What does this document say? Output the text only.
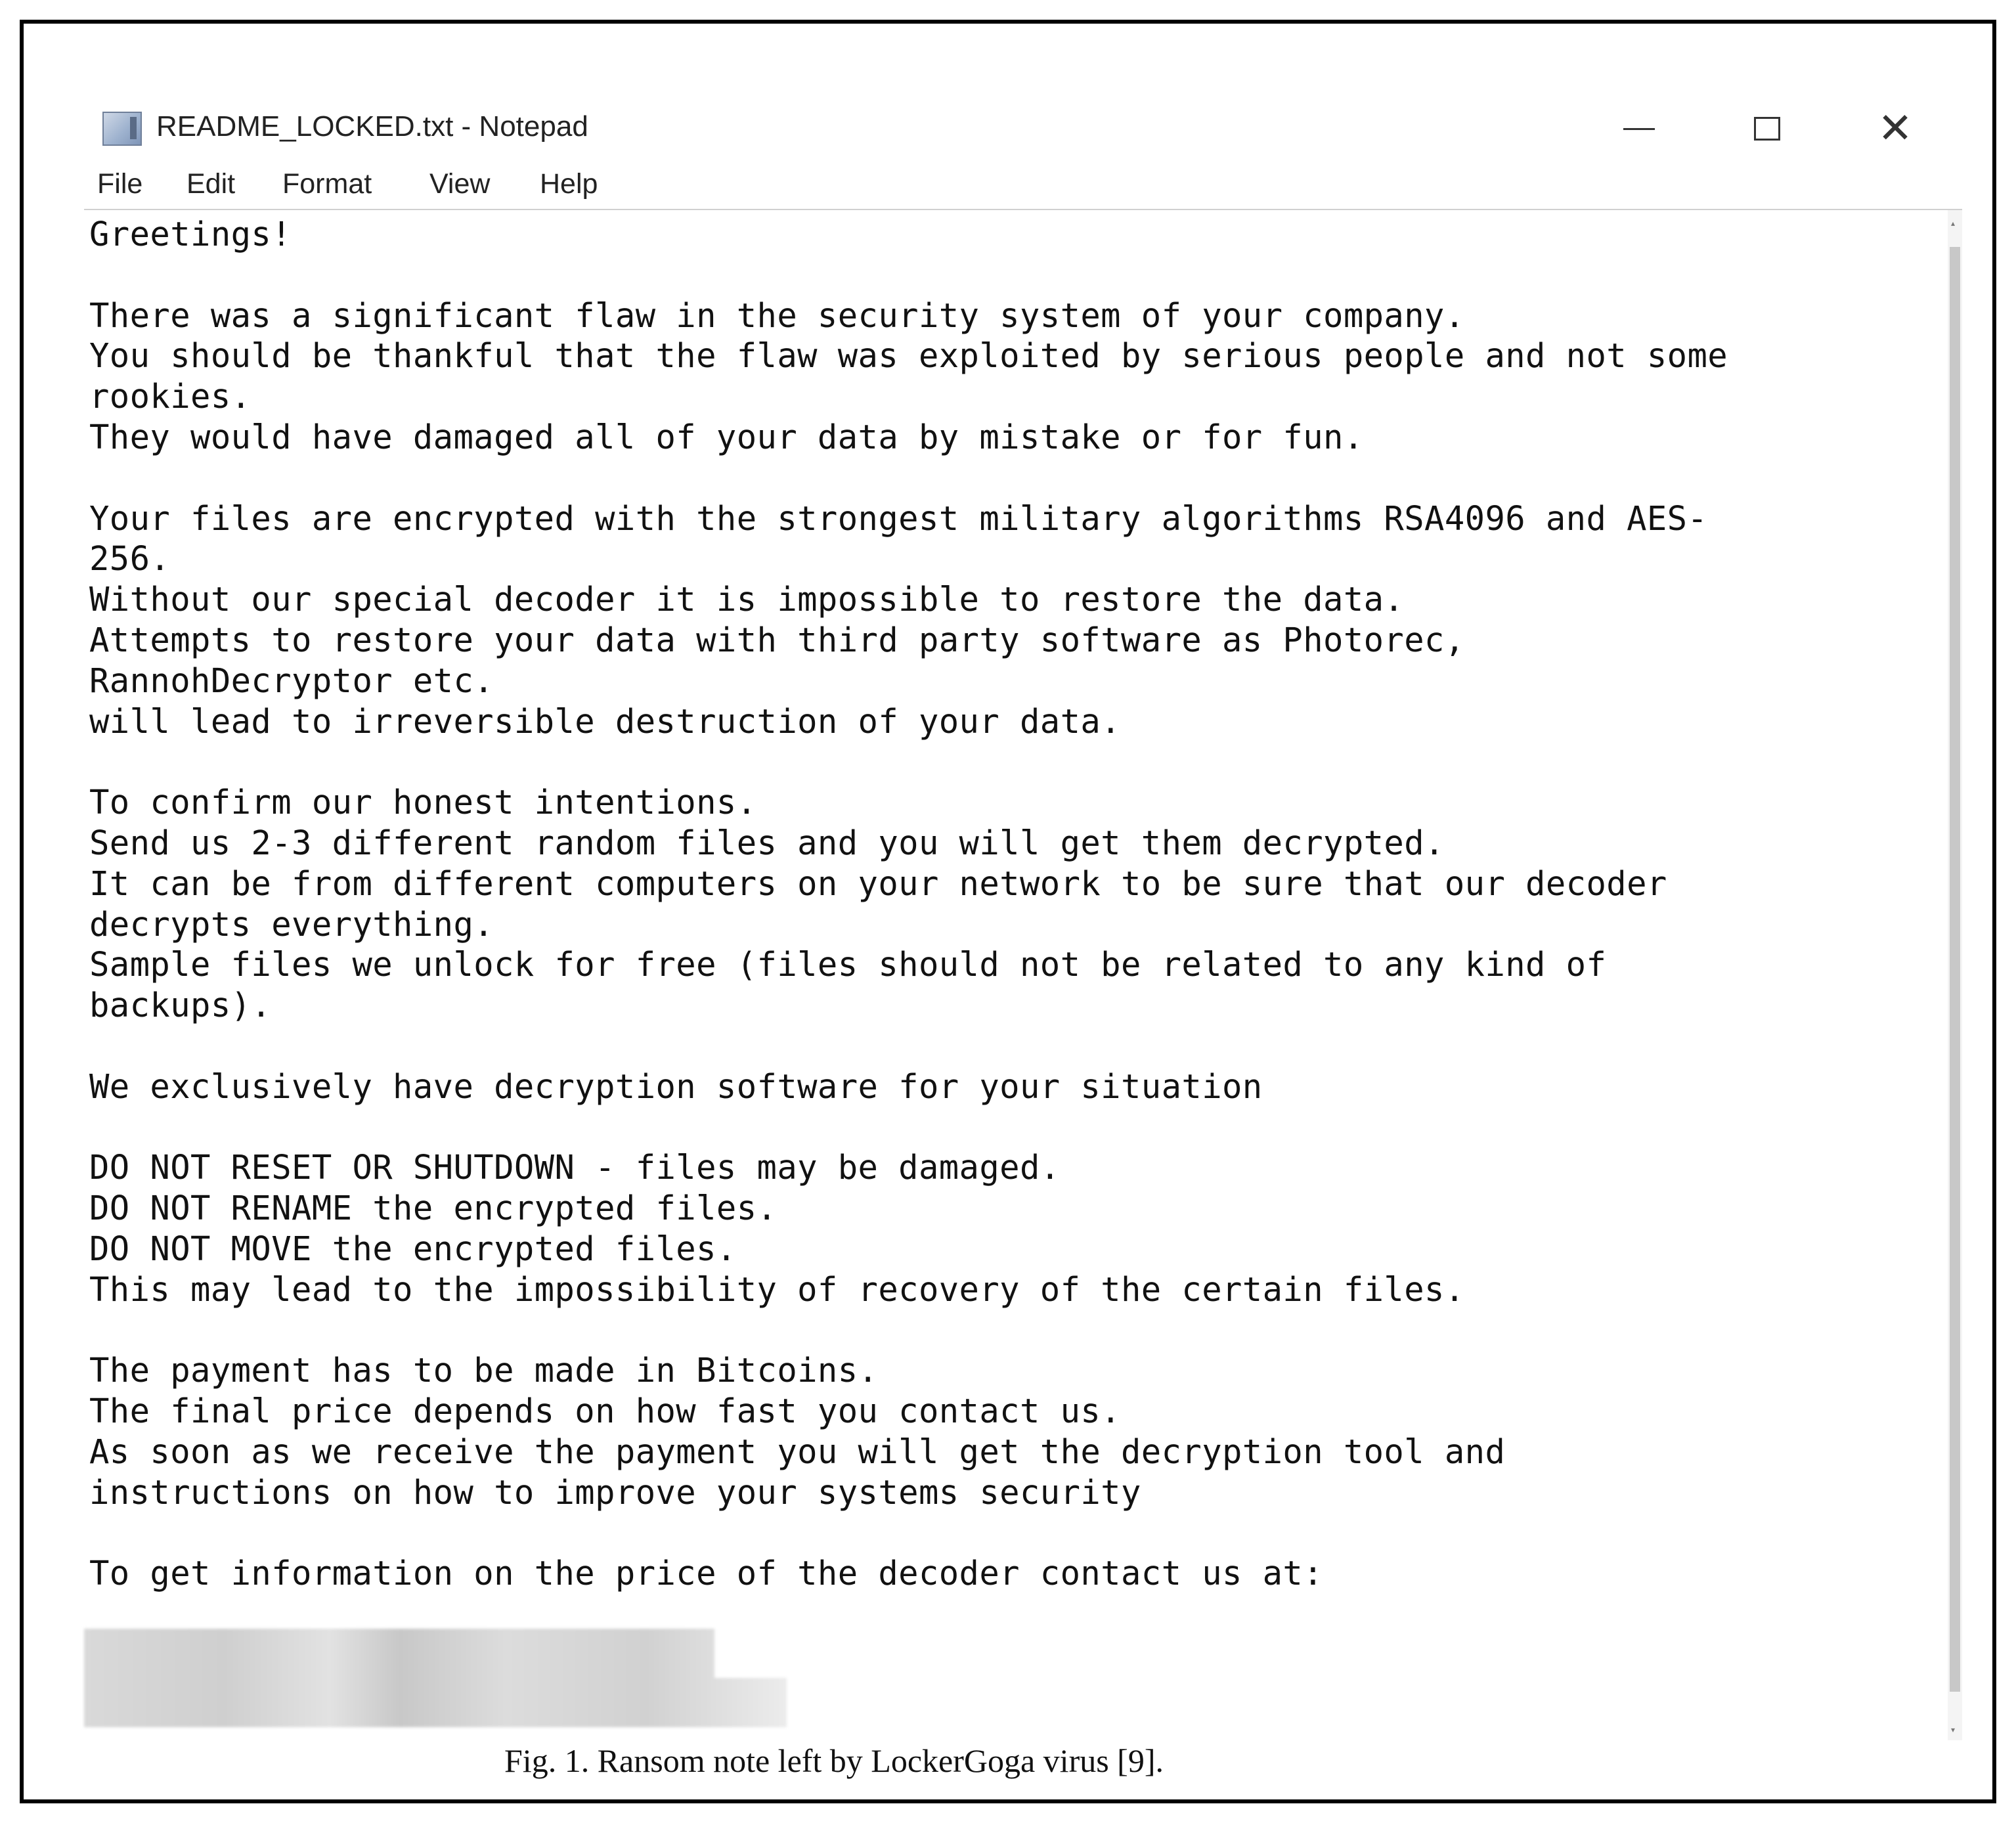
README_LOCKED.txt - Notepad	✕
File Edit Format View Help
Greetings!
There was a significant flaw in the security system of your company.
You should be thankful that the flaw was exploited by serious people and not some
rookies.
They would have damaged all of your data by mistake or for fun.
Your files are encrypted with the strongest military algorithms RSA4096 and AES-
256.
Without our special decoder it is impossible to restore the data.
Attempts to restore your data with third party software as Photorec,
RannohDecryptor etc.
will lead to irreversible destruction of your data.
To confirm our honest intentions.
Send us 2-3 different random files and you will get them decrypted.
It can be from different computers on your network to be sure that our decoder
decrypts everything.
Sample files we unlock for free (files should not be related to any kind of
backups).
We exclusively have decryption software for your situation
DO NOT RESET OR SHUTDOWN - files may be damaged.
DO NOT RENAME the encrypted files.
DO NOT MOVE the encrypted files.
This may lead to the impossibility of recovery of the certain files.
The payment has to be made in Bitcoins.
The final price depends on how fast you contact us.
As soon as we receive the payment you will get the decryption tool and
instructions on how to improve your systems security
To get information on the price of the decoder contact us at:
▴
▾
Fig. 1. Ransom note left by LockerGoga virus [9].
